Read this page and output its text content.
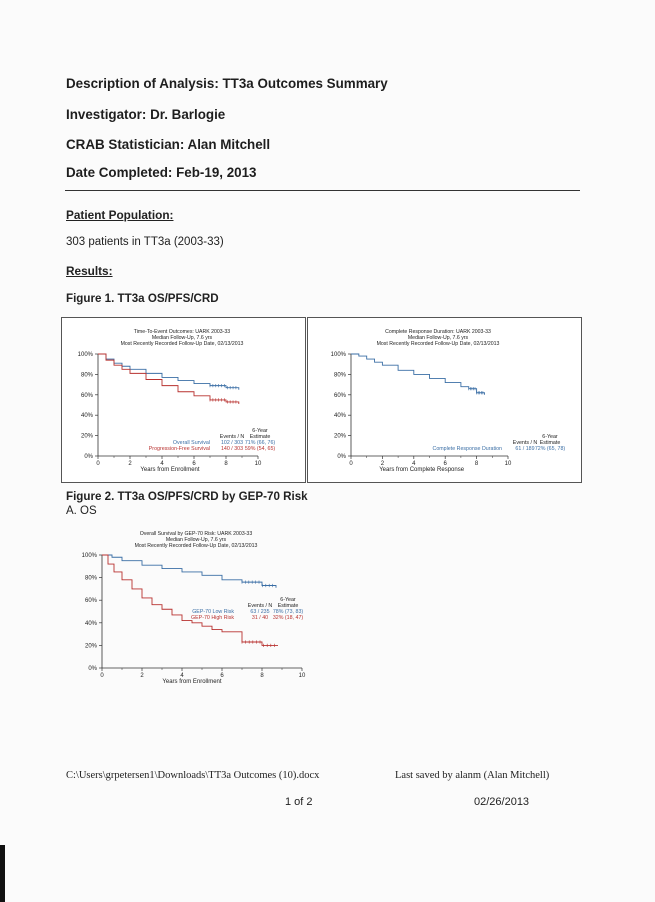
Description of Analysis: TT3a Outcomes Summary
Investigator: Dr. Barlogie
CRAB Statistician: Alan Mitchell
Date Completed: Feb-19, 2013
Patient Population:
303 patients in TT3a (2003-33)
Results:
Figure 1. TT3a OS/PFS/CRD
Time-To-Event Outcomes: UARK 2003-33
Median Follow-Up, 7.6 yrs
Most Recently Recorded Follow-Up Date, 02/13/2013
0%
20%
40%
60%
80%
100%
0	2	4	6	8	10
Years from Enrollment
6-Year
Events / N Estimate
Overall Survival 102 / 303 71% (66, 76)
Progression-Free Survival 140 / 303 59% (54, 65)
Complete Response Duration: UARK 2003-33
Median Follow-Up, 7.6 yrs
Most Recently Recorded Follow-Up Date, 02/13/2013
0%
20%
40%
60%
80%
100%
0	2	4	6	8	10
Years from Complete Response
6-Year
Events / N Estimate
Complete Response Duration	61 / 189 72% (65, 78)
Figure 2. TT3a OS/PFS/CRD by GEP-70 Risk
A. OS
Overall Survival by GEP-70 Risk: UARK 2003-33
Median Follow-Up, 7.6 yrs
Most Recently Recorded Follow-Up Date, 02/13/2013
0%
20%
40%
60%
80%
100%
0	2	4	6	8	10
Years from Enrollment
6-Year
Events / N Estimate
GEP-70 Low Risk	63 / 235 78% (73, 83)
GEP-70 High Risk	31 / 40 32% (18, 47)
C:\Users\grpetersen1\Downloads\TT3a Outcomes (10).docx	Last saved by alanm (Alan Mitchell)
1 of 2	02/26/2013
